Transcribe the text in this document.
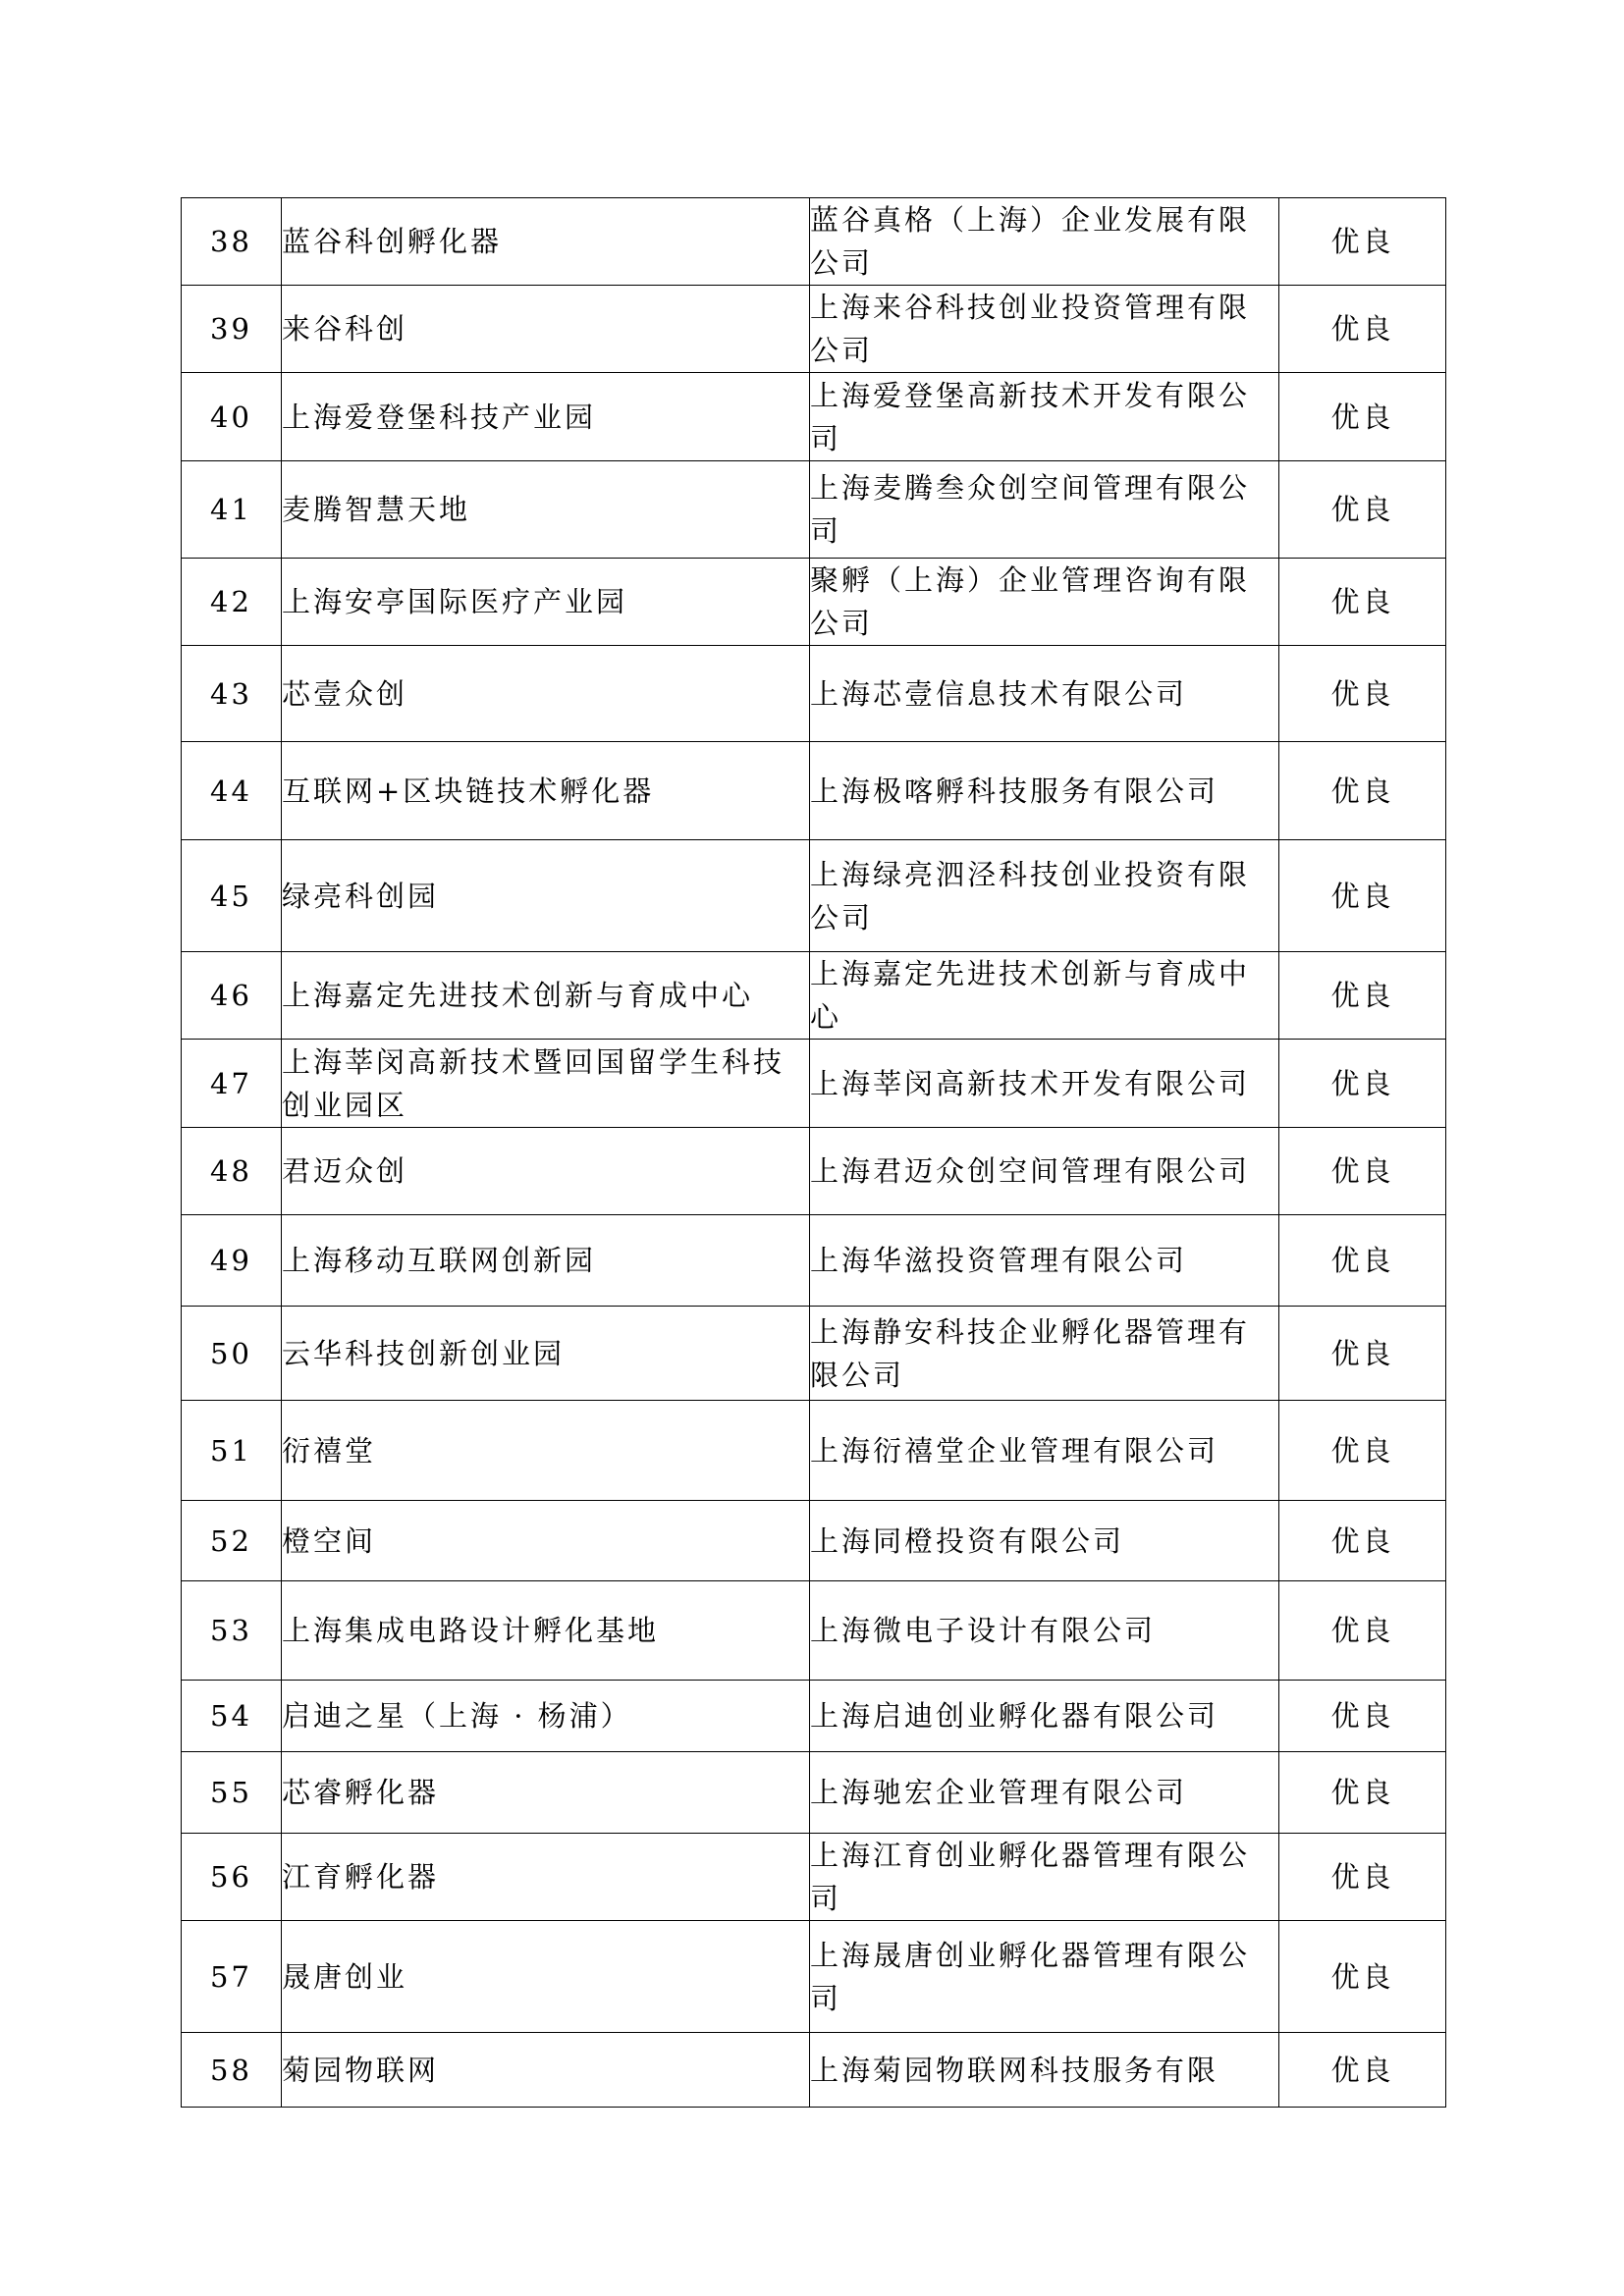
38	蓝谷科创孵化器	蓝谷真格（上海）企业发展有限公司	优良
39	来谷科创	上海来谷科技创业投资管理有限公司	优良
40	上海爱登堡科技产业园	上海爱登堡高新技术开发有限公司	优良
41	麦腾智慧天地	上海麦腾叁众创空间管理有限公司	优良
42	上海安亭国际医疗产业园	聚孵（上海）企业管理咨询有限公司	优良
43	芯壹众创	上海芯壹信息技术有限公司	优良
44	互联网+区块链技术孵化器	上海极喀孵科技服务有限公司	优良
45	绿亮科创园	上海绿亮泗泾科技创业投资有限公司	优良
46	上海嘉定先进技术创新与育成中心	上海嘉定先进技术创新与育成中心	优良
47	上海莘闵高新技术暨回国留学生科技创业园区	上海莘闵高新技术开发有限公司	优良
48	君迈众创	上海君迈众创空间管理有限公司	优良
49	上海移动互联网创新园	上海华滋投资管理有限公司	优良
50	云华科技创新创业园	上海静安科技企业孵化器管理有限公司	优良
51	衍禧堂	上海衍禧堂企业管理有限公司	优良
52	橙空间	上海同橙投资有限公司	优良
53	上海集成电路设计孵化基地	上海微电子设计有限公司	优良
54	启迪之星（上海 · 杨浦）	上海启迪创业孵化器有限公司	优良
55	芯睿孵化器	上海驰宏企业管理有限公司	优良
56	江育孵化器	上海江育创业孵化器管理有限公司	优良
57	晟唐创业	上海晟唐创业孵化器管理有限公司	优良
58	菊园物联网	上海菊园物联网科技服务有限	优良
